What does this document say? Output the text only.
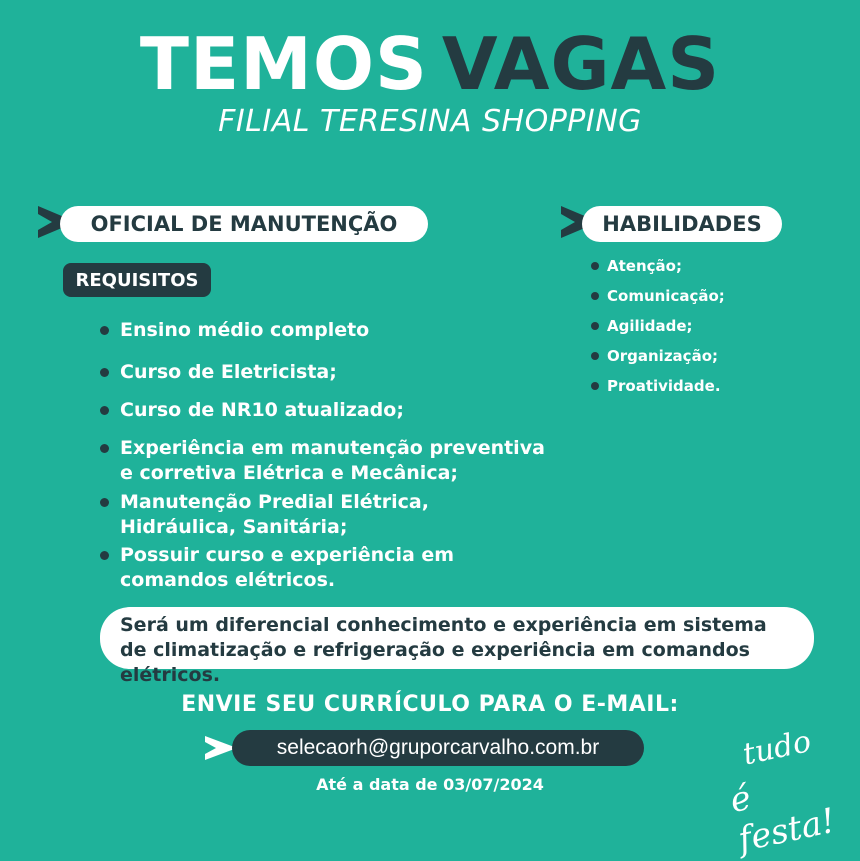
TEMOS VAGAS
FILIAL TERESINA SHOPPING
OFICIAL DE MANUTENÇÃO	HABILIDADES
REQUISITOS
Ensino médio completo
Curso de Eletricista;
Curso de NR10 atualizado;
Experiência em manutenção preventiva e corretiva Elétrica e Mecânica;
Manutenção Predial Elétrica, Hidráulica, Sanitária;
Possuir curso e experiência em comandos elétricos.
Atenção;
Comunicação;
Agilidade;
Organização;
Proatividade.
Será um diferencial conhecimento e experiência em sistema de climatização e refrigeração e experiência em comandos elétricos.
ENVIE SEU CURRÍCULO PARA O E-MAIL:
selecaorh@gruporcarvalho.com.br
Até a data de 03/07/2024
tudo
é festa!
